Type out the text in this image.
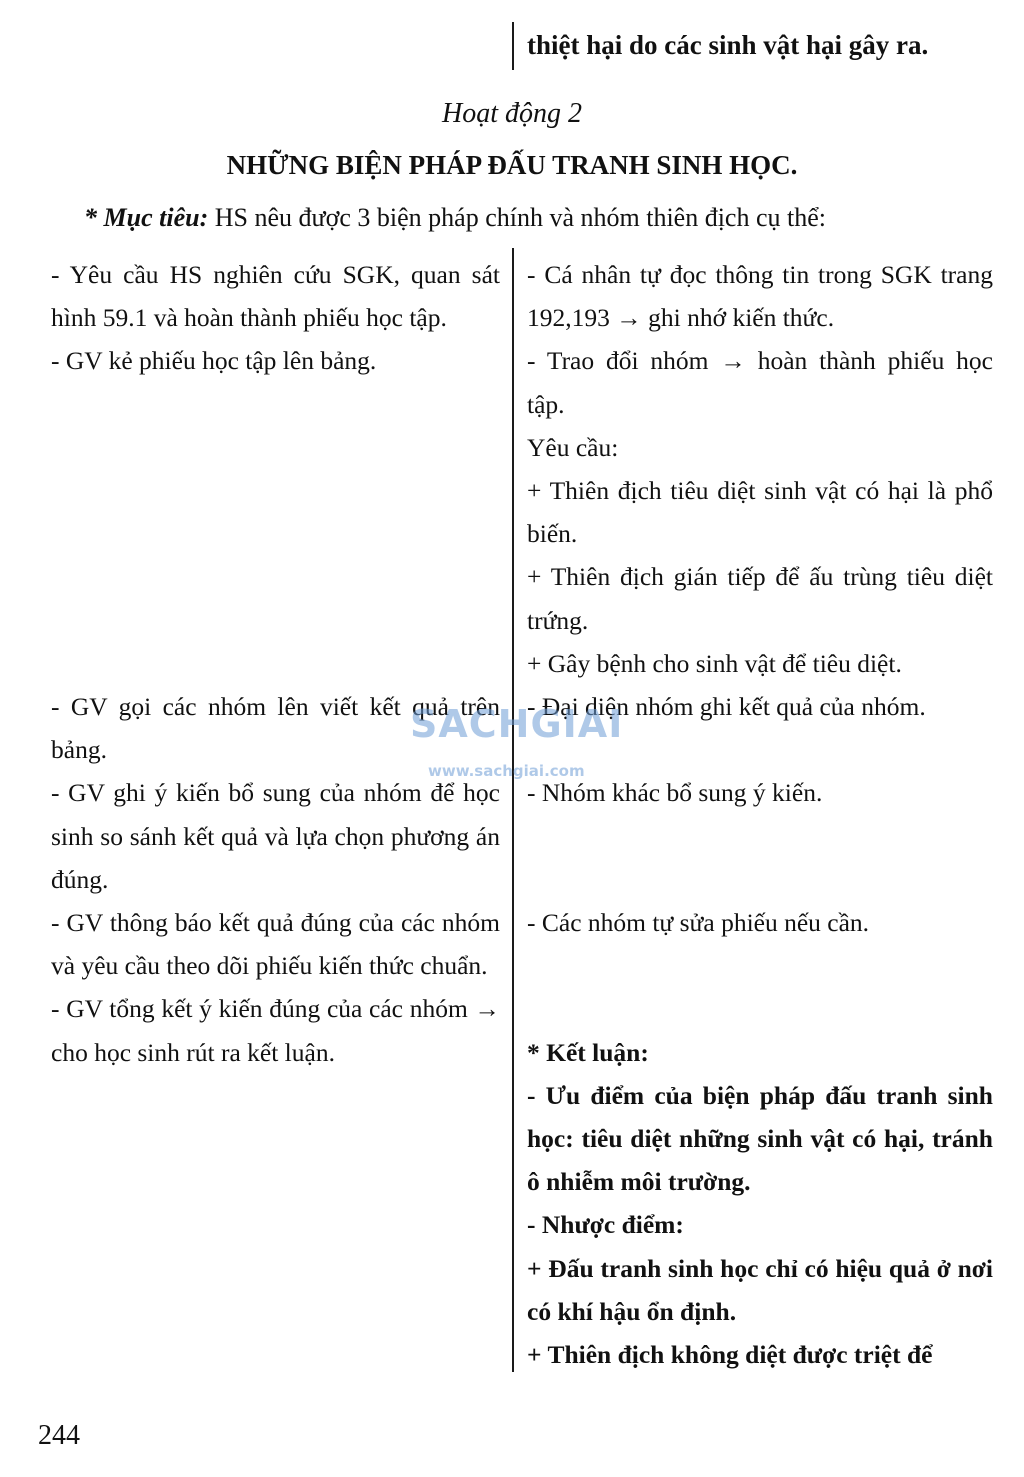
thiệt hại do các sinh vật hại gây ra.
Hoạt động 2
NHỮNG BIỆN PHÁP ĐẤU TRANH SINH HỌC.
* Mục tiêu: HS nêu được 3 biện pháp chính và nhóm thiên địch cụ thể:

- Yêu cầu HS nghiên cứu SGK, quan sát hình 59.1 và hoàn thành phiếu học tập.

- GV kẻ phiếu học tập lên bảng.

- GV gọi các nhóm lên viết kết quả trên bảng.

- GV ghi ý kiến bổ sung của nhóm để học sinh so sánh kết quả và lựa chọn phương án đúng.

- GV thông báo kết quả đúng của các nhóm và yêu cầu theo dõi phiếu kiến thức chuẩn.

- GV tổng kết ý kiến đúng của các nhóm → cho học sinh rút ra kết luận.

- Cá nhân tự đọc thông tin trong SGK trang 192,193 → ghi nhớ kiến thức.

- Trao đổi nhóm → hoàn thành phiếu học tập.

Yêu cầu:

+ Thiên địch tiêu diệt sinh vật có hại là phổ biến.

+ Thiên địch gián tiếp để ấu trùng tiêu diệt trứng.

+ Gây bệnh cho sinh vật để tiêu diệt.

- Đại diện nhóm ghi kết quả của nhóm.

- Nhóm khác bổ sung ý kiến.

- Các nhóm tự sửa phiếu nếu cần.

* Kết luận:

- Ưu điểm của biện pháp đấu tranh sinh học: tiêu diệt những sinh vật có hại, tránh ô nhiễm môi trường.

- Nhược điểm:

+ Đấu tranh sinh học chỉ có hiệu quả ở nơi có khí hậu ổn định.

+ Thiên địch không diệt được triệt để

SACHGIAI
www.sachgiai.com
244
